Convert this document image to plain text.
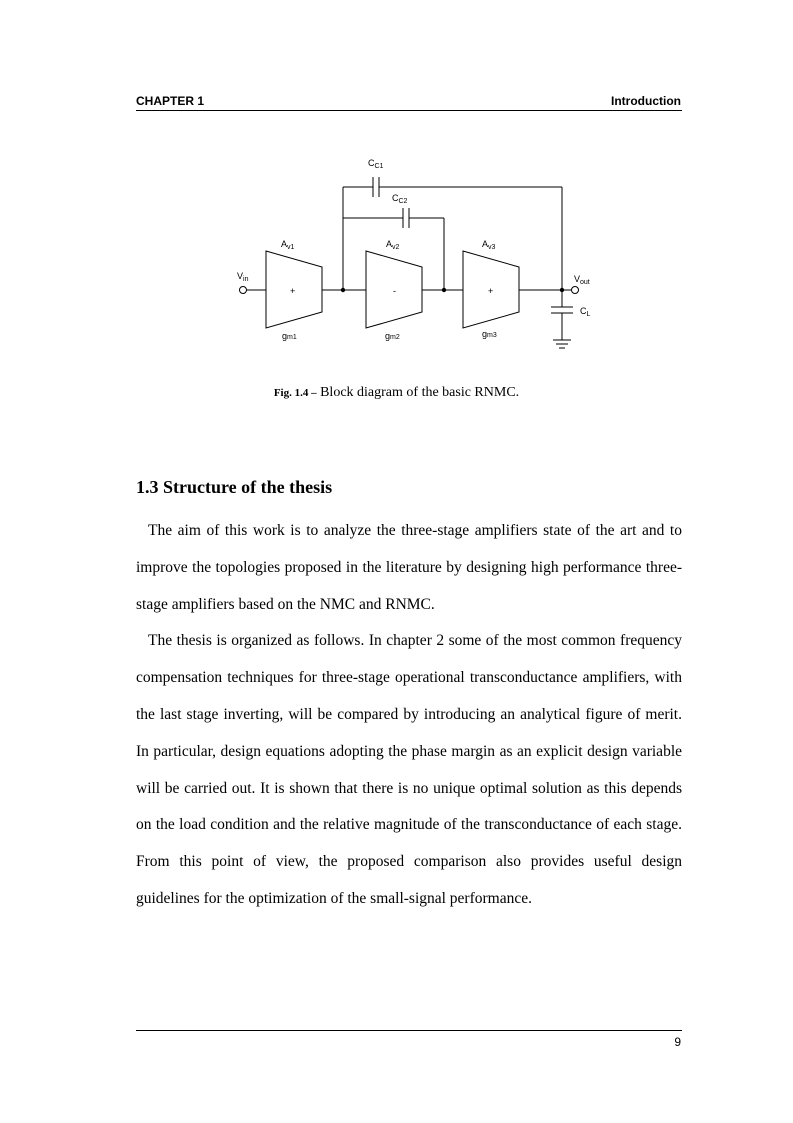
CHAPTER 1	Introduction
$C_{C1}$
$C_{C2}$
$A_{v1}$	$A_{v2}$	$A_{v3}$
$V_{in}$	$V_{out}$
$C_L$
gm1	gm2	gm3
+	-	+
Fig. 1.4 – Block diagram of the basic RNMC.
1.3 Structure of the thesis

The aim of this work is to analyze the three-stage amplifiers state of the art and to improve the topologies proposed in the literature by designing high performance three-stage amplifiers based on the NMC and RNMC.

The thesis is organized as follows. In chapter 2 some of the most common frequency compensation techniques for three-stage operational transconductance amplifiers, with the last stage inverting, will be compared by introducing an analytical figure of merit. In particular, design equations adopting the phase margin as an explicit design variable will be carried out. It is shown that there is no unique optimal solution as this depends on the load condition and the relative magnitude of the transconductance of each stage. From this point of view, the proposed comparison also provides useful design guidelines for the optimization of the small-signal performance.

9
